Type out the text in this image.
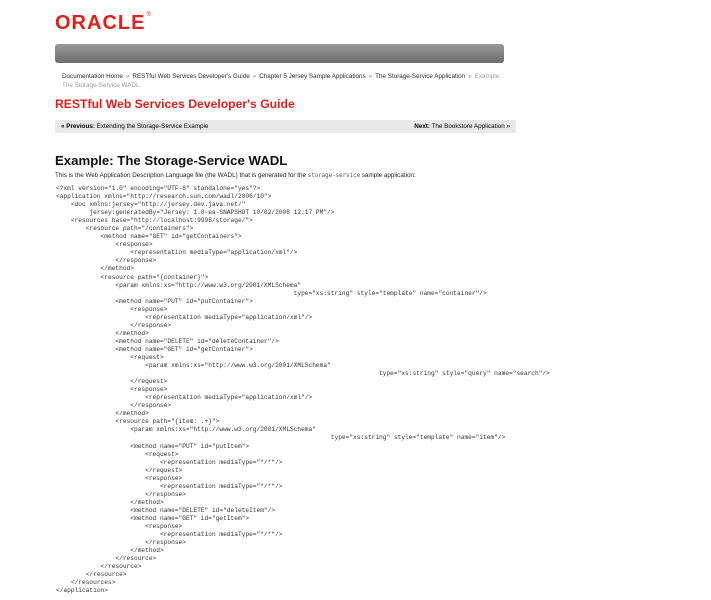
ORACLE®
Documentation Home » RESTful Web Services Developer's Guide » Chapter 5 Jersey Sample Applications » The Storage-Service Application » Example: The Storage-Service WADL
RESTful Web Services Developer's Guide
« Previous: Extending the Storage-Service Example	Next: The Bookstore Application »
Example: The Storage-Service WADL
This is the Web Application Description Language file (the WADL) that is generated for the storage-service sample application:
<?xml version="1.0" encoding="UTF-8" standalone="yes"?>
<application xmlns="http://research.sun.com/wadl/2006/10">
<doc xmlns:jersey="http://jersey.dev.java.net/"
jersey:generatedBy="Jersey: 1.0-ea-SNAPSHOT 10/02/2008 12:17 PM"/>
<resources base="http://localhost:9998/storage/">
<resource path="/containers">
<method name="GET" id="getContainers">
<response>
<representation mediaType="application/xml"/>
</response>
</method>
<resource path="{container}">
<param xmlns:xs="http://www.w3.org/2001/XMLSchema"
type="xs:string" style="template" name="container"/>
<method name="PUT" id="putContainer">
<response>
<representation mediaType="application/xml"/>
</response>
</method>
<method name="DELETE" id="deleteContainer"/>
<method name="GET" id="getContainer">
<request>
<param xmlns:xs="http://www.w3.org/2001/XMLSchema"
type="xs:string" style="query" name="search"/>
</request>
<response>
<representation mediaType="application/xml"/>
</response>
</method>
<resource path="{item: .+}">
<param xmlns:xs="http://www.w3.org/2001/XMLSchema"
type="xs:string" style="template" name="item"/>
<method name="PUT" id="putItem">
<request>
<representation mediaType="*/*"/>
</request>
<response>
<representation mediaType="*/*"/>
</response>
</method>
<method name="DELETE" id="deleteItem"/>
<method name="GET" id="getItem">
<response>
<representation mediaType="*/*"/>
</response>
</method>
</resource>
</resource>
</resource>
</resources>
</application>
